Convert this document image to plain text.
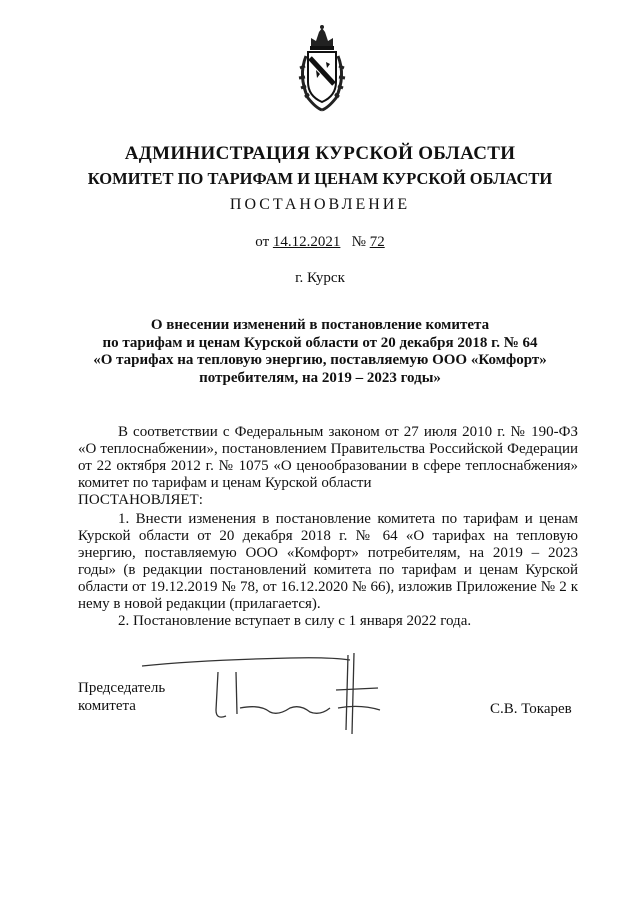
АДМИНИСТРАЦИЯ КУРСКОЙ ОБЛАСТИ
КОМИТЕТ ПО ТАРИФАМ И ЦЕНАМ КУРСКОЙ ОБЛАСТИ
ПОСТАНОВЛЕНИЕ
от 14.12.2021 № 72
г. Курск
О внесении изменений в постановление комитета
по тарифам и ценам Курской области от 20 декабря 2018 г. № 64
«О тарифах на тепловую энергию, поставляемую ООО «Комфорт»
потребителям, на 2019 – 2023 годы»

В соответствии с Федеральным законом от 27 июля 2010 г. № 190-ФЗ «О теплоснабжении», постановлением Правительства Российской Федерации от 22 октября 2012 г. № 1075 «О ценообразовании в сфере теплоснабжения» комитет по тарифам и ценам Курской области

ПОСТАНОВЛЯЕТ:

1. Внести изменения в постановление комитета по тарифам и ценам Курской области от 20 декабря 2018 г. № 64 «О тарифах на тепловую энергию, поставляемую ООО «Комфорт» потребителям, на 2019 – 2023 годы» (в редакции постановлений комитета по тарифам и ценам Курской области от 19.12.2019 № 78, от 16.12.2020 № 66), изложив Приложение № 2 к нему в новой редакции (прилагается).

2. Постановление вступает в силу с 1 января 2022 года.

Председатель
комитета	С.В. Токарев
